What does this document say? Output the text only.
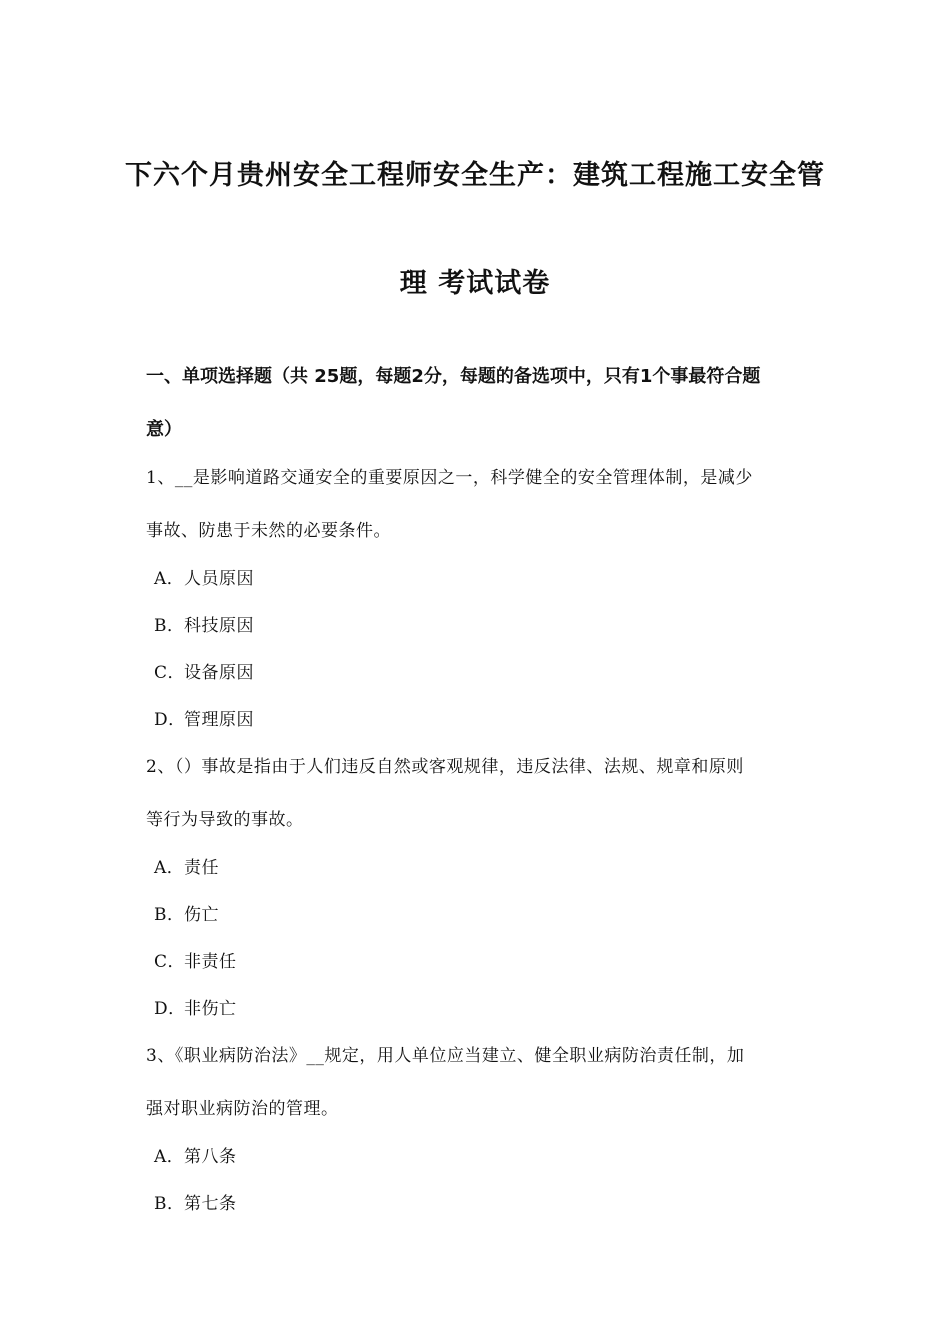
下六个月贵州安全工程师安全生产：建筑工程施工安全管
理 考试试卷
一、单项选择题（共 25题，每题2分，每题的备选项中，只有1个事最符合题
意）
1、__是影响道路交通安全的重要原因之一，科学健全的安全管理体制，是减少
事故、防患于未然的必要条件。
A．人员原因
B．科技原因
C．设备原因
D．管理原因
2、（）事故是指由于人们违反自然或客观规律，违反法律、法规、规章和原则
等行为导致的事故。
A．责任
B．伤亡
C．非责任
D．非伤亡
3、《职业病防治法》__规定，用人单位应当建立、健全职业病防治责任制，加
强对职业病防治的管理。
A．第八条
B．第七条
